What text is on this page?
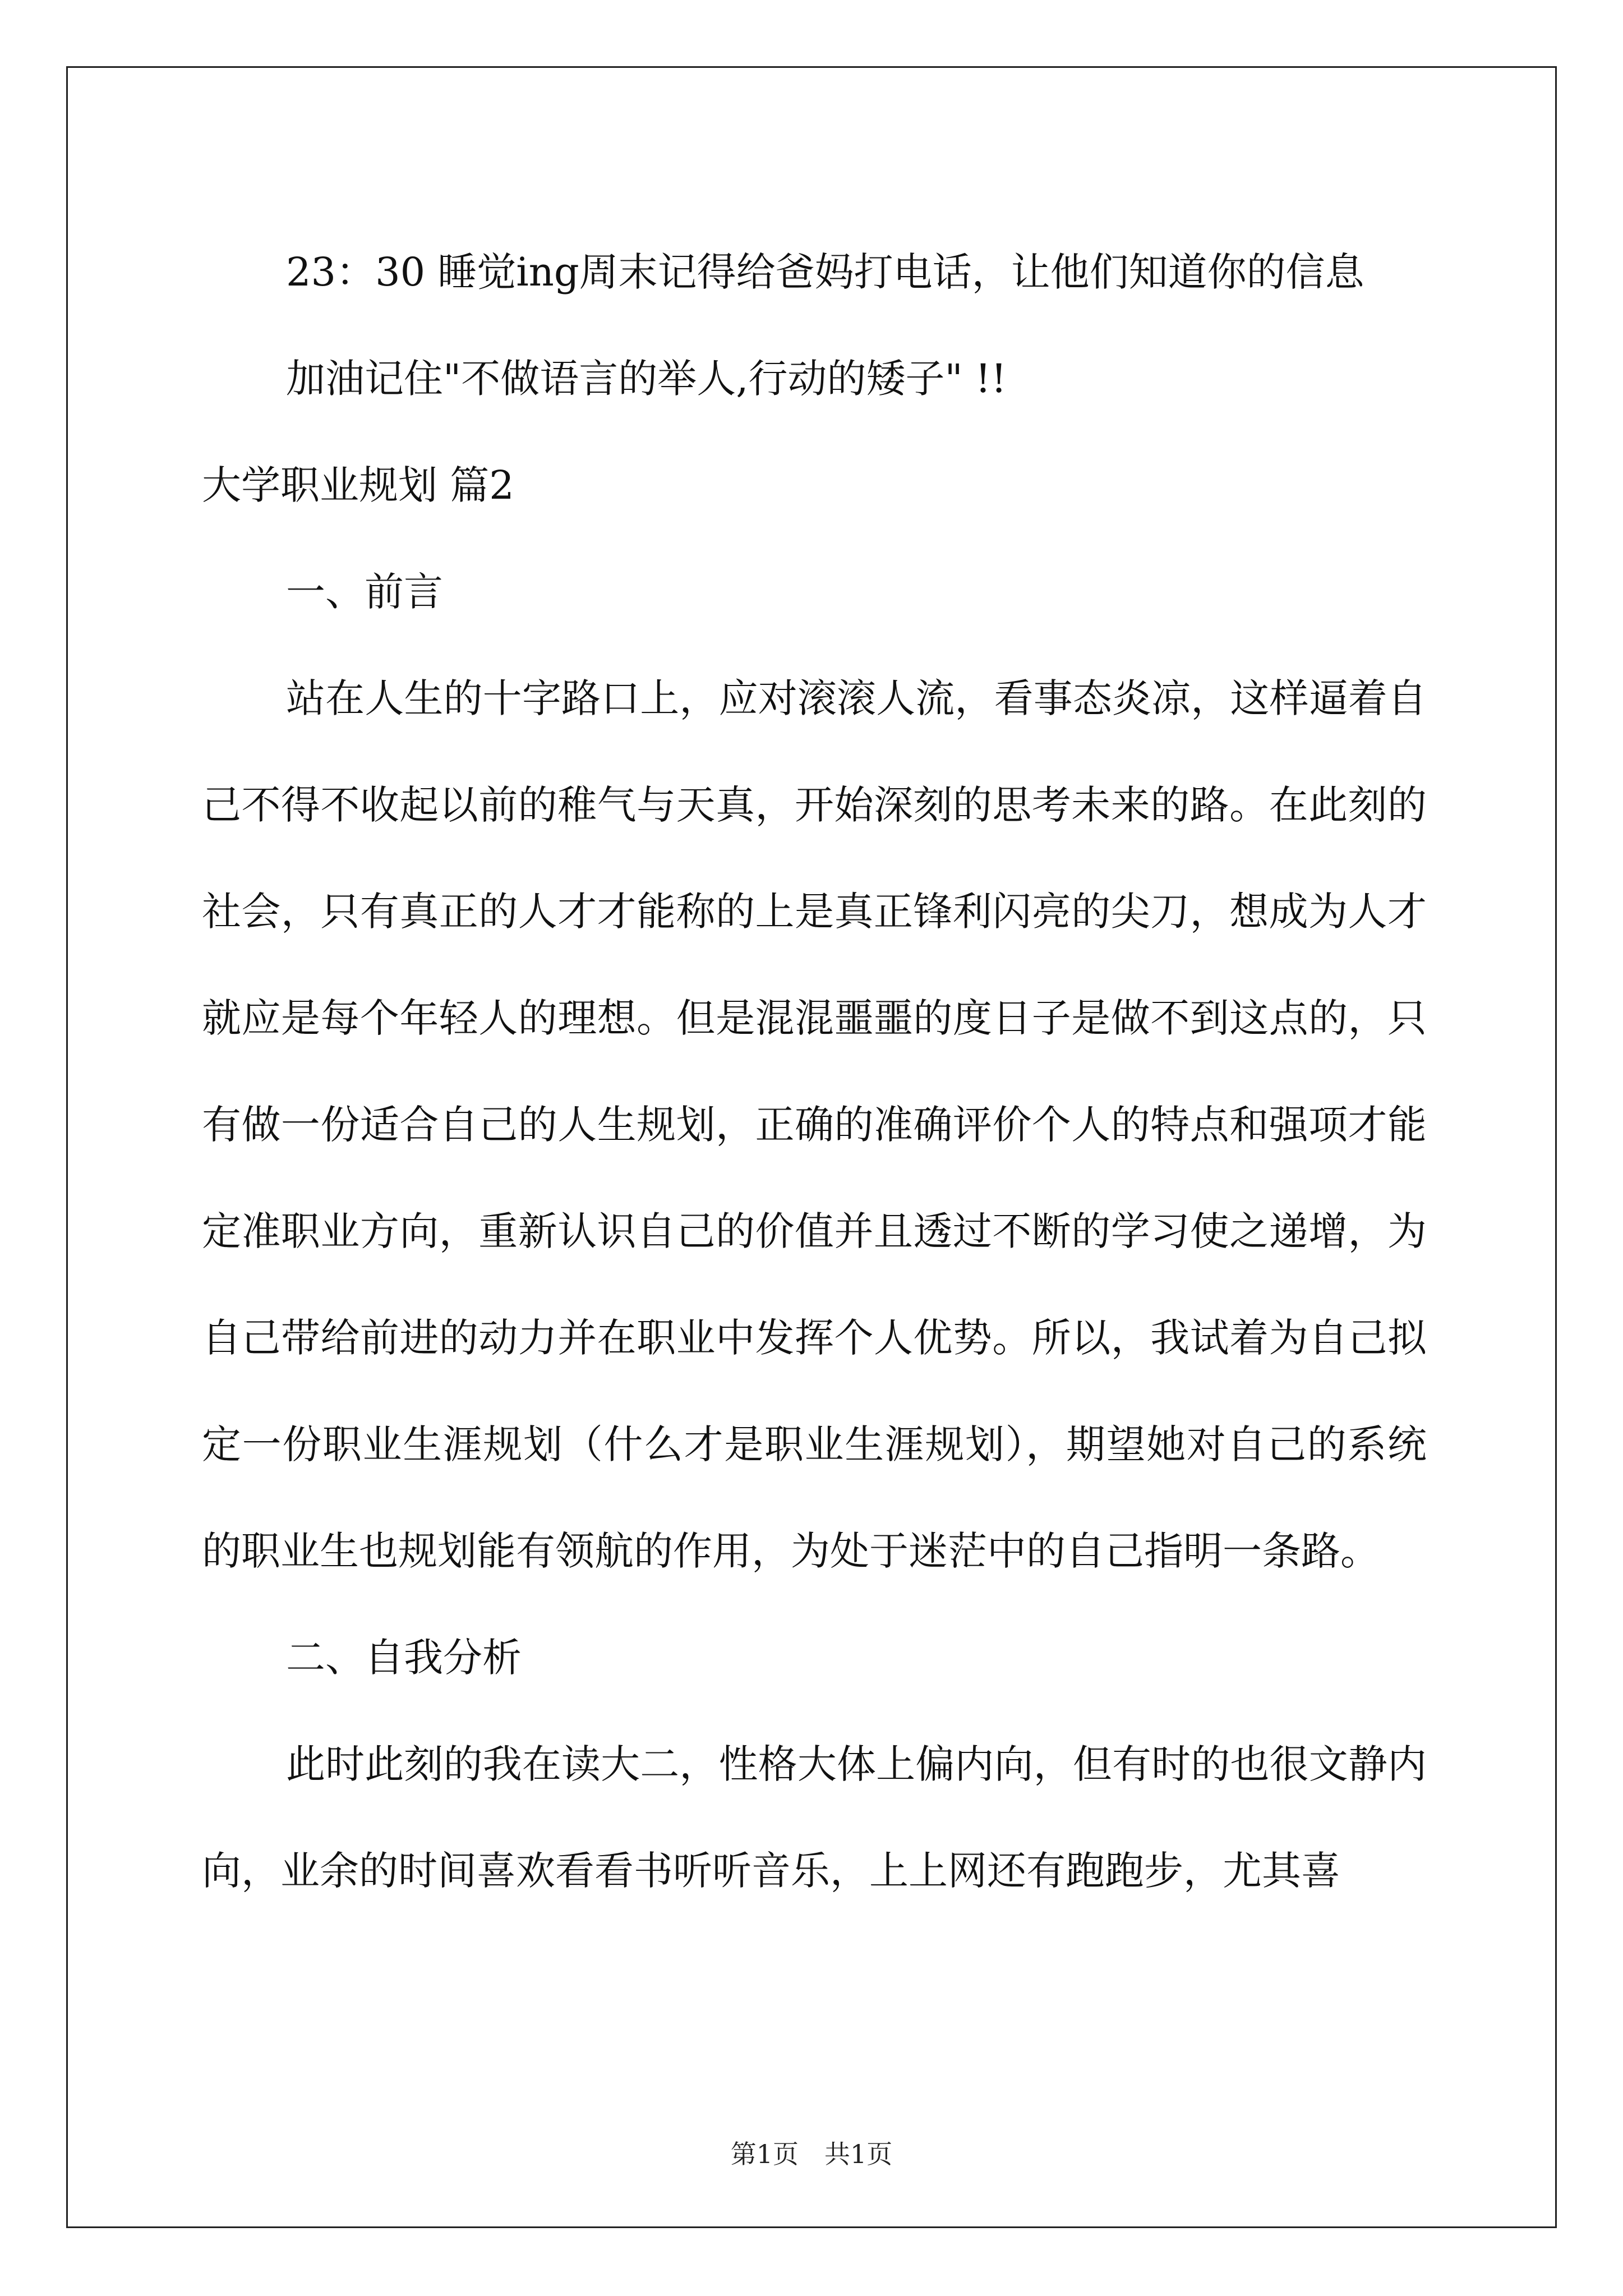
23：30 睡觉ing周末记得给爸妈打电话，让他们知道你的信息

加油记住"不做语言的举人,行动的矮子" !!

大学职业规划 篇2

一、前言

站在人生的十字路口上，应对滚滚人流，看事态炎凉，这样逼着自己不得不收起以前的稚气与天真，开始深刻的思考未来的路。在此刻的社会，只有真正的人才才能称的上是真正锋利闪亮的尖刀，想成为人才就应是每个年轻人的理想。但是混混噩噩的度日子是做不到这点的，只有做一份适合自己的人生规划，正确的准确评价个人的特点和强项才能定准职业方向，重新认识自己的价值并且透过不断的学习使之递增，为自己带给前进的动力并在职业中发挥个人优势。所以，我试着为自己拟定一份职业生涯规划（什么才是职业生涯规划），期望她对自己的系统的职业生也规划能有领航的作用，为处于迷茫中的自己指明一条路。

二、自我分析

此时此刻的我在读大二，性格大体上偏内向，但有时的也很文静内向，业余的时间喜欢看看书听听音乐，上上网还有跑跑步，尤其喜

第1页　共1页
